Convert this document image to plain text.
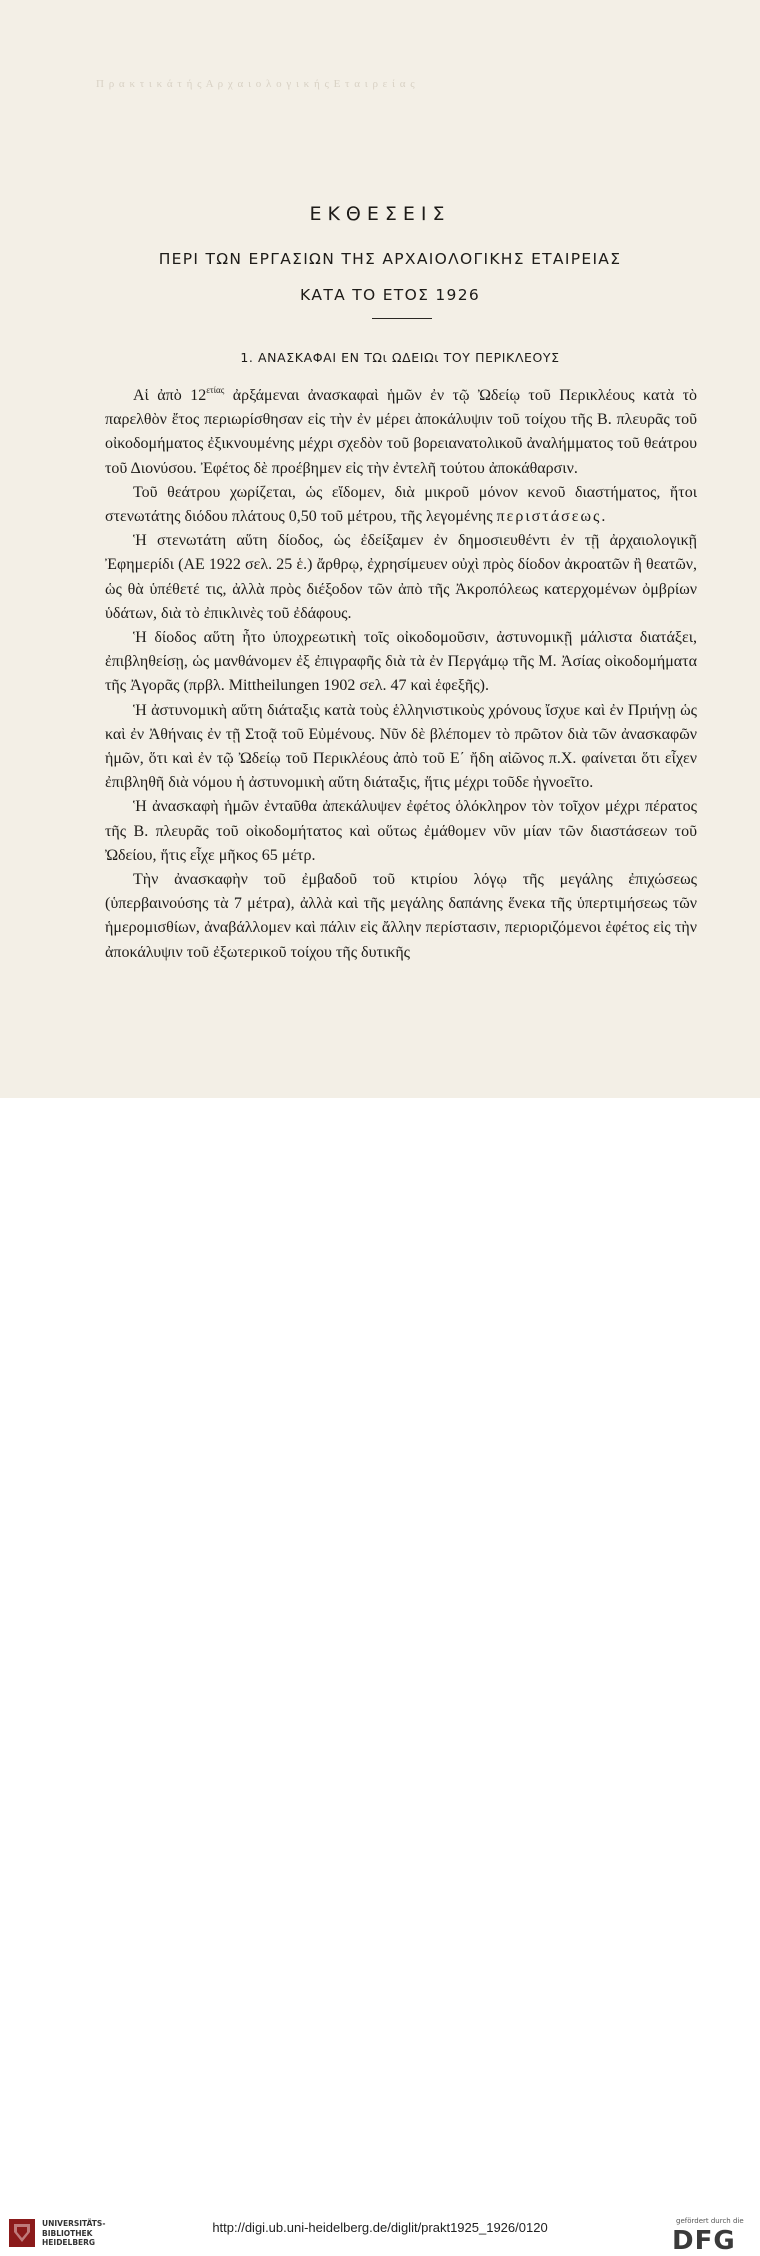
Π ρ α κ τ ι κ ά τ ή ς Α ρ χ α ι ο λ ο γ ι κ ή ς Ε τ α ι ρ ε ί α ς
ΕΚΘΕΣΕΙΣ
ΠΕΡΙ ΤΩΝ ΕΡΓΑΣΙΩΝ ΤΗΣ ΑΡΧΑΙΟΛΟΓΙΚΗΣ ΕΤΑΙΡΕΙΑΣ
ΚΑΤΑ ΤΟ ΕΤΟΣ 1926
1. ΑΝΑΣΚΑΦΑΙ ΕΝ ΤΩι ΩΔΕΙΩι ΤΟΥ ΠΕΡΙΚΛΕΟΥΣ

Αἱ ἀπὸ $12^{\varepsilon\tau ί\alpha\varsigma}$ ἀρξάμεναι ἀνασκαφαὶ ἡμῶν ἐν τῷ Ὠδείῳ τοῦ Περικλέους κατὰ τὸ παρελθὸν ἔτος περιωρίσθησαν εἰς τὴν ἐν μέρει ἀποκάλυψιν τοῦ τοίχου τῆς Β. πλευρᾶς τοῦ οἰκοδομήματος ἐξικνουμένης μέχρι σχεδὸν τοῦ βορειανατολικοῦ ἀναλήμματος τοῦ θεάτρου τοῦ Διονύσου. Ἐφέτος δὲ προέβημεν εἰς τὴν ἐντελῆ τούτου ἀποκάθαρσιν.

Τοῦ θεάτρου χωρίζεται, ὡς εἴδομεν, διὰ μικροῦ μόνον κενοῦ διαστήματος, ἤτοι στενωτάτης διόδου πλάτους 0,50 τοῦ μέτρου, τῆς λεγομένης περιστάσεως.

Ἡ στενωτάτη αὕτη δίοδος, ὡς ἐδείξαμεν ἐν δημοσιευθέντι ἐν τῇ ἀρχαιολογικῇ Ἐφημερίδι (ΑΕ 1922 σελ. 25 ἑ.) ἄρθρῳ, ἐχρησίμευεν οὐχὶ πρὸς δίοδον ἀκροατῶν ἢ θεατῶν, ὡς θὰ ὑπέθετέ τις, ἀλλὰ πρὸς διέξοδον τῶν ἀπὸ τῆς Ἀκροπόλεως κατερχομένων ὀμβρίων ὑδάτων, διὰ τὸ ἐπικλινὲς τοῦ ἐδάφους.

Ἡ δίοδος αὕτη ἦτο ὑποχρεωτικὴ τοῖς οἰκοδομοῦσιν, ἀστυνομικῇ μάλιστα διατάξει, ἐπιβληθείσῃ, ὡς μανθάνομεν ἐξ ἐπιγραφῆς διὰ τὰ ἐν Περγάμῳ τῆς Μ. Ἀσίας οἰκοδομήματα τῆς Ἀγορᾶς (πρβλ. Mittheilungen 1902 σελ. 47 καὶ ἑφεξῆς).

Ἡ ἀστυνομικὴ αὕτη διάταξις κατὰ τοὺς ἑλληνιστικοὺς χρόνους ἴσχυε καὶ ἐν Πριήνῃ ὡς καὶ ἐν Ἀθήναις ἐν τῇ Στοᾷ τοῦ Εὐμένους. Νῦν δὲ βλέπομεν τὸ πρῶτον διὰ τῶν ἀνασκαφῶν ἡμῶν, ὅτι καὶ ἐν τῷ Ὠδείῳ τοῦ Περικλέους ἀπὸ τοῦ Ε΄ ἤδη αἰῶνος π.Χ. φαίνεται ὅτι εἶχεν ἐπιβληθῆ διὰ νόμου ἡ ἀστυνομικὴ αὕτη διάταξις, ἥτις μέχρι τοῦδε ἠγνοεῖτο.

Ἡ ἀνασκαφὴ ἡμῶν ἐνταῦθα ἀπεκάλυψεν ἐφέτος ὁλόκληρον τὸν τοῖχον μέχρι πέρατος τῆς Β. πλευρᾶς τοῦ οἰκοδομήτατος καὶ οὕτως ἐμάθομεν νῦν μίαν τῶν διαστάσεων τοῦ Ὠδείου, ἥτις εἶχε μῆκος 65 μέτρ.

Τὴν ἀνασκαφὴν τοῦ ἐμβαδοῦ τοῦ κτιρίου λόγῳ τῆς μεγάλης ἐπιχώσεως (ὑπερβαινούσης τὰ 7 μέτρα), ἀλλὰ καὶ τῆς μεγάλης δαπάνης ἕνεκα τῆς ὑπερτιμήσεως τῶν ἡμερομισθίων, ἀναβάλλομεν καὶ πάλιν εἰς ἄλλην περίστασιν, περιοριζόμενοι ἐφέτος εἰς τὴν ἀποκάλυψιν τοῦ ἐξωτερικοῦ τοίχου τῆς δυτικῆς

UNIVERSITÄTS-
BIBLIOTHEK
HEIDELBERG
http://digi.ub.uni-heidelberg.de/diglit/prakt1925_1926/0120	gefördert durch die
DFG
